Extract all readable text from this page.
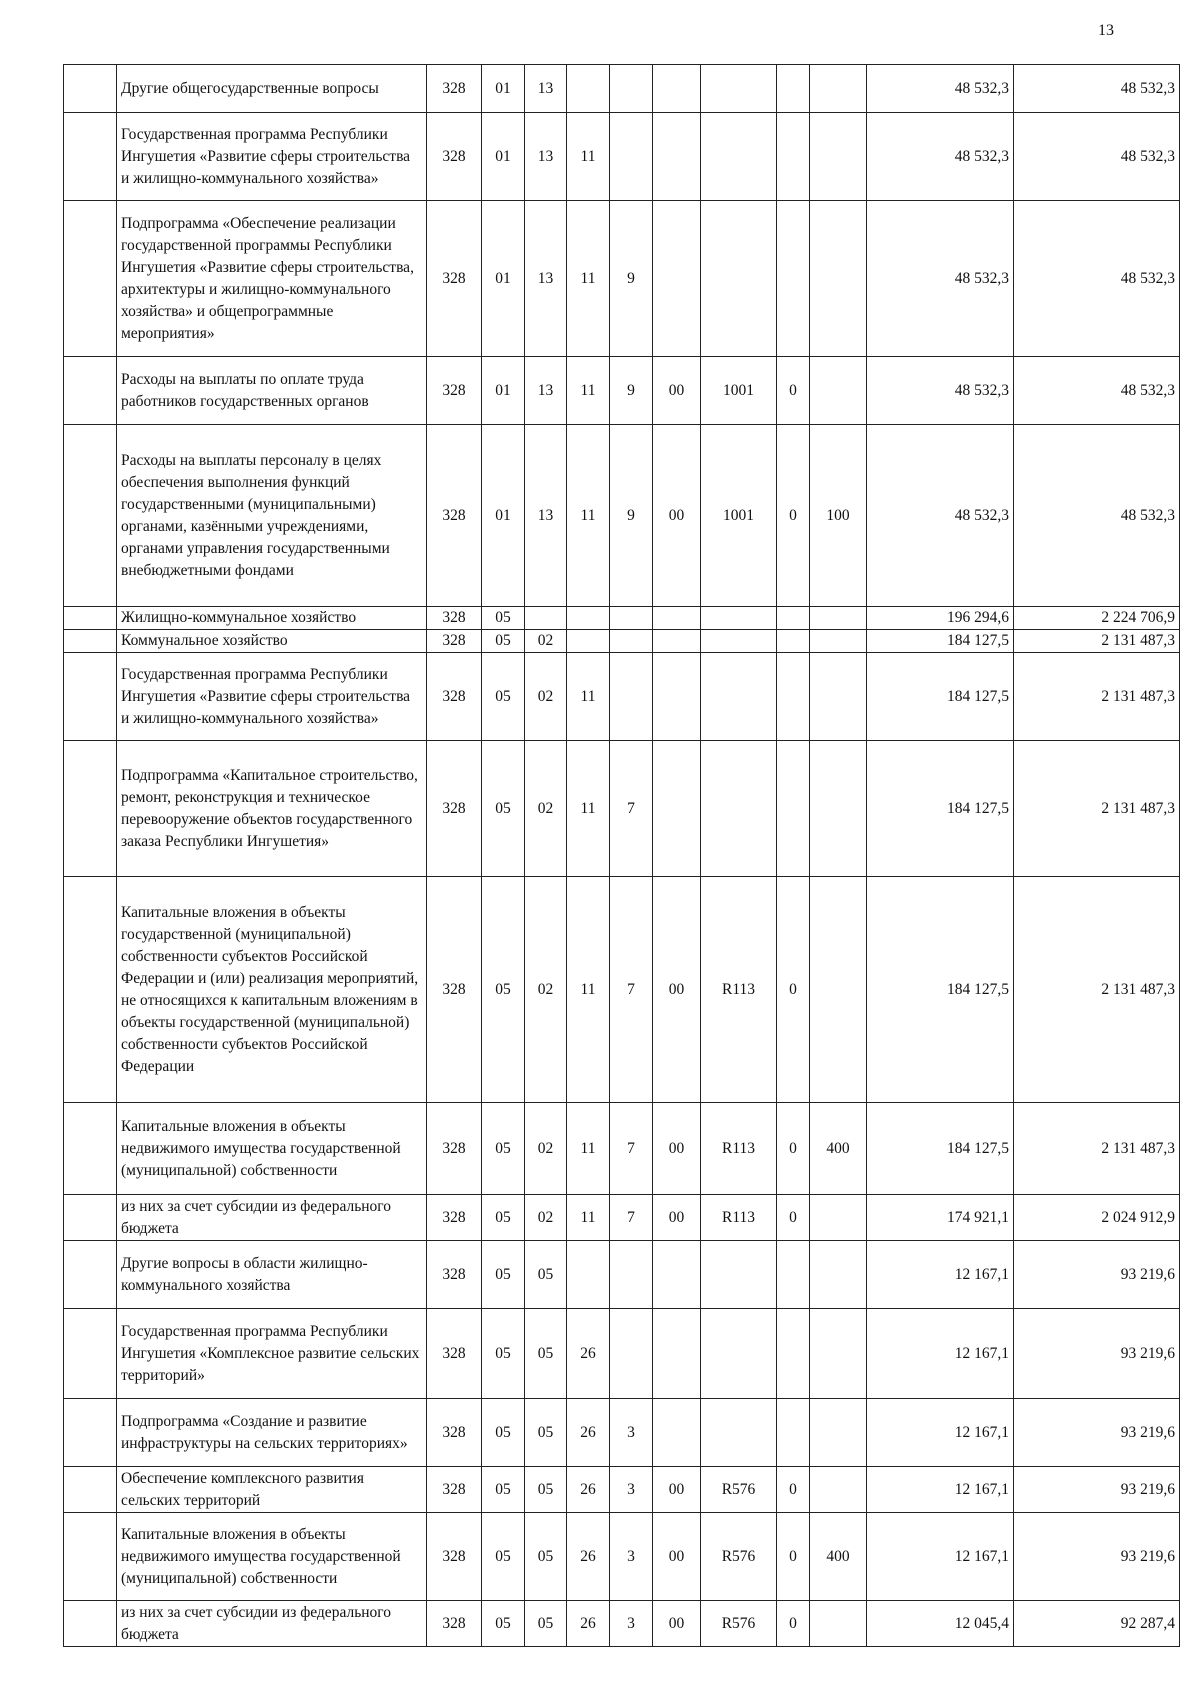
13
	Другие общегосударственные вопросы	328	01	13							48 532,3	48 532,3
	Государственная программа Республики Ингушетия «Развитие сферы строительства и жилищно-коммунального хозяйства»	328	01	13	11						48 532,3	48 532,3
	Подпрограмма «Обеспечение реализации государственной программы Республики Ингушетия «Развитие сферы строительства, архитектуры и жилищно-коммунального хозяйства» и общепрограммные мероприятия»	328	01	13	11	9					48 532,3	48 532,3
	Расходы на выплаты по оплате труда работников государственных органов	328	01	13	11	9	00	1001	0		48 532,3	48 532,3
	Расходы на выплаты персоналу в целях обеспечения выполнения функций государственными (муниципальными) органами, казёнными учреждениями, органами управления государственными внебюджетными фондами	328	01	13	11	9	00	1001	0	100	48 532,3	48 532,3
	Жилищно-коммунальное хозяйство	328	05								196 294,6	2 224 706,9
	Коммунальное хозяйство	328	05	02							184 127,5	2 131 487,3
	Государственная программа Республики Ингушетия «Развитие сферы строительства и жилищно-коммунального хозяйства»	328	05	02	11						184 127,5	2 131 487,3
	Подпрограмма «Капитальное строительство, ремонт, реконструкция и техническое перевооружение объектов государственного заказа Республики Ингушетия»	328	05	02	11	7					184 127,5	2 131 487,3
	Капитальные вложения в объекты государственной (муниципальной) собственности субъектов Российской Федерации и (или) реализация мероприятий, не относящихся к капитальным вложениям в объекты государственной (муниципальной) собственности субъектов Российской Федерации	328	05	02	11	7	00	R113	0		184 127,5	2 131 487,3
	Капитальные вложения в объекты недвижимого имущества государственной (муниципальной) собственности	328	05	02	11	7	00	R113	0	400	184 127,5	2 131 487,3
	из них за счет субсидии из федерального бюджета	328	05	02	11	7	00	R113	0		174 921,1	2 024 912,9
	Другие вопросы в области жилищно-коммунального хозяйства	328	05	05							12 167,1	93 219,6
	Государственная программа Республики Ингушетия «Комплексное развитие сельских территорий»	328	05	05	26						12 167,1	93 219,6
	Подпрограмма «Создание и развитие инфраструктуры на сельских территориях»	328	05	05	26	3					12 167,1	93 219,6
	Обеспечение комплексного развития сельских территорий	328	05	05	26	3	00	R576	0		12 167,1	93 219,6
	Капитальные вложения в объекты недвижимого имущества государственной (муниципальной) собственности	328	05	05	26	3	00	R576	0	400	12 167,1	93 219,6
	из них за счет субсидии из федерального бюджета	328	05	05	26	3	00	R576	0		12 045,4	92 287,4
